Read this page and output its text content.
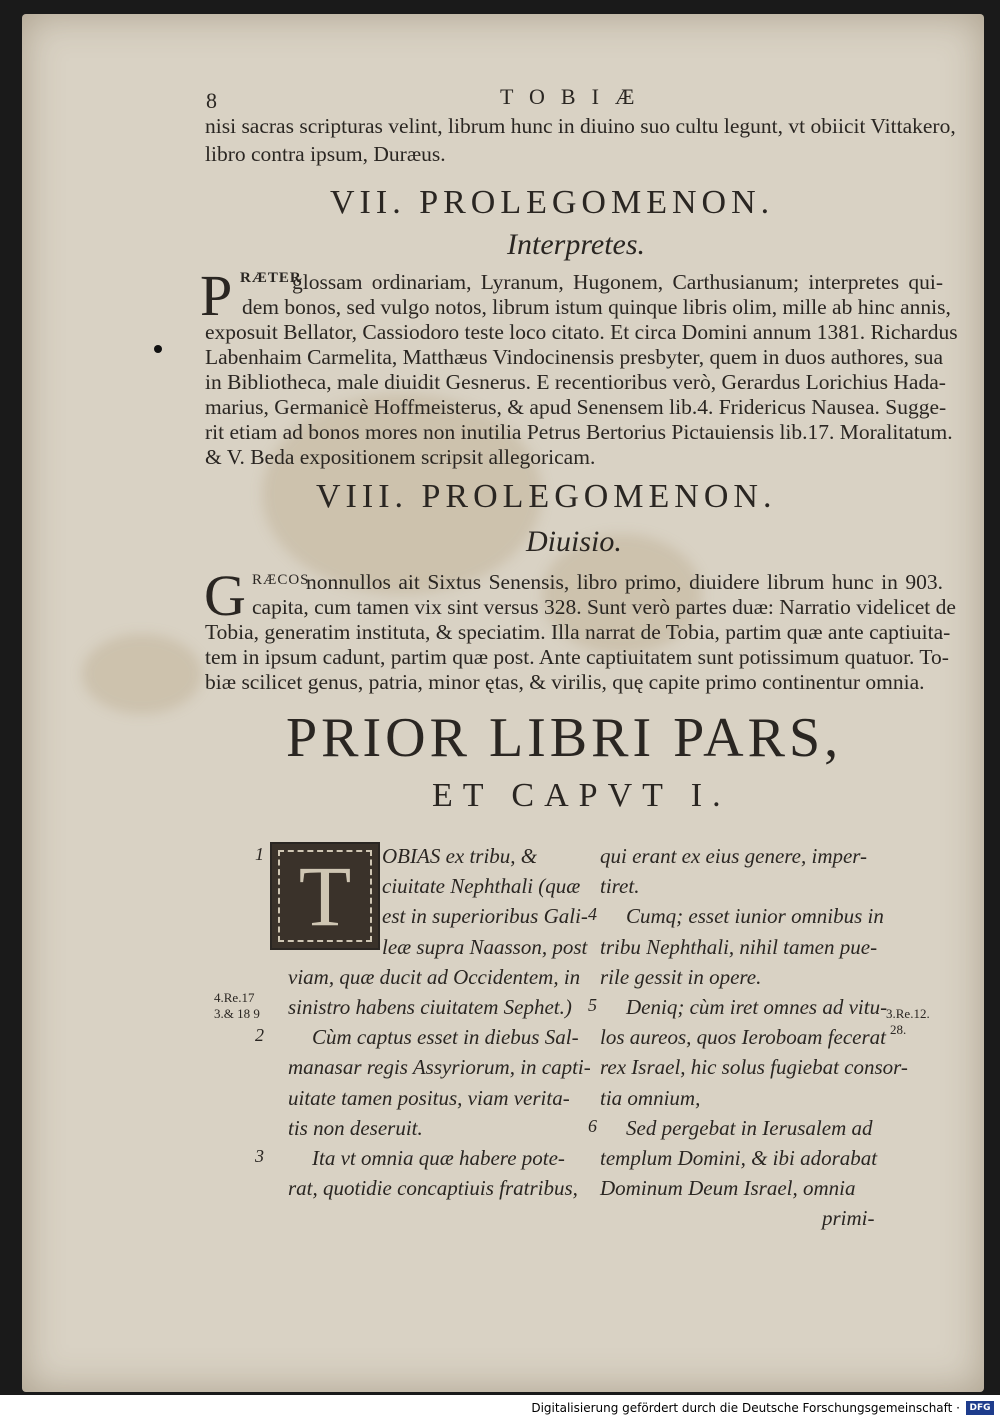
8	TOBIÆ
nisi sacras scripturas velint, librum hunc in diuino suo cultu legunt, vt obiicit Vittakero,
libro contra ipsum, Duræus.
VII. PROLEGOMENON.
Interpretes.
P RÆTER
glossam ordinariam, Lyranum, Hugonem, Carthusianum; interpretes qui-
dem bonos, sed vulgo notos, librum istum quinque libris olim, mille ab hinc annis,
exposuit Bellator, Cassiodoro teste loco citato. Et circa Domini annum 1381. Richardus
Labenhaim Carmelita, Matthæus Vindocinensis presbyter, quem in duos authores, sua
in Bibliotheca, male diuidit Gesnerus. E recentioribus verò, Gerardus Lorichius Hada-
marius, Germanicè Hoffmeisterus, & apud Senensem lib.4. Fridericus Nausea. Sugge-
rit etiam ad bonos mores non inutilia Petrus Bertorius Pictauiensis lib.17. Moralitatum.
& V. Beda expositionem scripsit allegoricam.
VIII. PROLEGOMENON.
Diuisio.
G RÆCOS
nonnullos ait Sixtus Senensis, libro primo, diuidere librum hunc in 903.
capita, cum tamen vix sint versus 328. Sunt verò partes duæ: Narratio videlicet de
Tobia, generatim instituta, & speciatim. Illa narrat de Tobia, partim quæ ante captiuita-
tem in ipsum cadunt, partim quæ post. Ante captiuitatem sunt potissimum quatuor. To-
biæ scilicet genus, patria, minor ętas, & virilis, quę capite primo continentur omnia.
PRIOR LIBRI PARS,
ET CAPVT I.
T	OBIAS ex tribu, &
1
ciuitate Nephthali (quæ
est in superioribus Gali-
leæ supra Naasson, post
viam, quæ ducit ad Occidentem, in
sinistro habens ciuitatem Sephet.)
2 Cùm captus esset in diebus Sal-
manasar regis Assyriorum, in capti-
uitate tamen positus, viam verita-
tis non deseruit.
3 Ita vt omnia quæ habere pote-
rat, quotidie concaptiuis fratribus,
qui erant ex eius genere, imper-
tiret.
4 Cumq; esset iunior omnibus in
tribu Nephthali, nihil tamen pue-
rile gessit in opere.
5 Deniq; cùm iret omnes ad vitu-
los aureos, quos Ieroboam fecerat
rex Israel, hic solus fugiebat consor-
tia omnium,
6 Sed pergebat in Ierusalem ad
templum Domini, & ibi adorabat
Dominum Deum Israel, omnia
primi-
4.Re.17
3.& 18 9	3.Re.12.
28.
Digitalisierung gefördert durch die Deutsche Forschungsgemeinschaft ·	DFG
